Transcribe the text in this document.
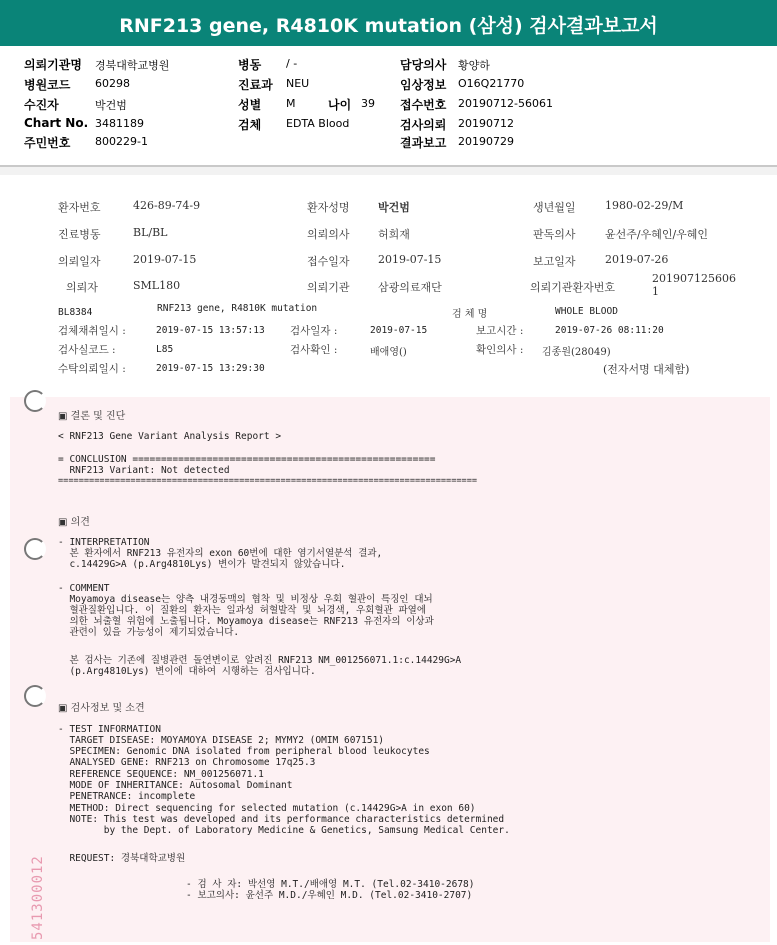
RNF213 gene, R4810K mutation (삼성) 검사결과보고서
의뢰기관명 경북대학교병원
병원코드 60298
수진자	박건범
Chart No. 3481189
주민번호 800229-1
병동 / -
진료과 NEU
성별 M	나이 39
검체 EDTA Blood
담당의사 황양하
임상정보 O16Q21770
접수번호 20190712-56061
검사의뢰 20190712
결과보고 20190729
환자번호	426-89-74-9	환자성명	박건범	생년월일	1980-02-29/M
진료병동	BL/BL	의뢰의사	허희재	판독의사	윤선주/우혜인/우혜인
의뢰일자	2019-07-15	접수일자	2019-07-15	보고일자	2019-07-26
의뢰자	SML180	의뢰기관	삼광의료재단	의뢰기관환자번호
201907125606
1
BL8384	RNF213 gene, R4810K mutation
검 체 명	WHOLE BLOOD
검체채취일시 :	2019-07-15 13:57:13 검사일자 :	2019-07-15	보고시간 :	2019-07-26 08:11:20
검사실코드 :	L85	검사확인 :	배애영()	확인의사 : 김종원(28049)
수탁의뢰일시 :	2019-07-15 13:29:30	(전자서명 대체함)
▣ 결론 및 진단
< RNF213 Gene Variant Analysis Report >
= CONCLUSION =====================================================
RNF213 Variant: Not detected
=================================================================================
▣ 의견
- INTERPRETATION
본 환자에서 RNF213 유전자의 exon 60번에 대한 염기서열분석 결과,
c.14429G>A (p.Arg4810Lys) 변이가 발견되지 않았습니다.
- COMMENT
Moyamoya disease는 양측 내경동맥의 협착 및 비정상 우회 혈관이 특징인 대뇌
혈관질환입니다. 이 질환의 환자는 일과성 허혈발작 및 뇌경색, 우회혈관 파열에
의한 뇌출혈 위험에 노출됩니다. Moyamoya disease는 RNF213 유전자의 이상과
관련이 있을 가능성이 제기되었습니다.
본 검사는 기존에 질병관련 돌연변이로 알려진 RNF213 NM_001256071.1:c.14429G>A
(p.Arg4810Lys) 변이에 대하여 시행하는 검사입니다.
▣ 검사정보 및 소견
- TEST INFORMATION
TARGET DISEASE: MOYAMOYA DISEASE 2; MYMY2 (OMIM 607151)
SPECIMEN: Genomic DNA isolated from peripheral blood leukocytes
ANALYSED GENE: RNF213 on Chromosome 17q25.3
REFERENCE SEQUENCE: NM_001256071.1
MODE OF INHERITANCE: Autosomal Dominant
PENETRANCE: incomplete
METHOD: Direct sequencing for selected mutation (c.14429G>A in exon 60)
NOTE: This test was developed and its performance characteristics determined
by the Dept. of Laboratory Medicine & Genetics, Samsung Medical Center.
REQUEST: 경북대학교병원
- 검 사 자: 박선영 M.T./배애영 M.T. (Tel.02-3410-2678)
- 보고의사: 윤선주 M.D./우혜인 M.D. (Tel.02-3410-2707)
541300012
